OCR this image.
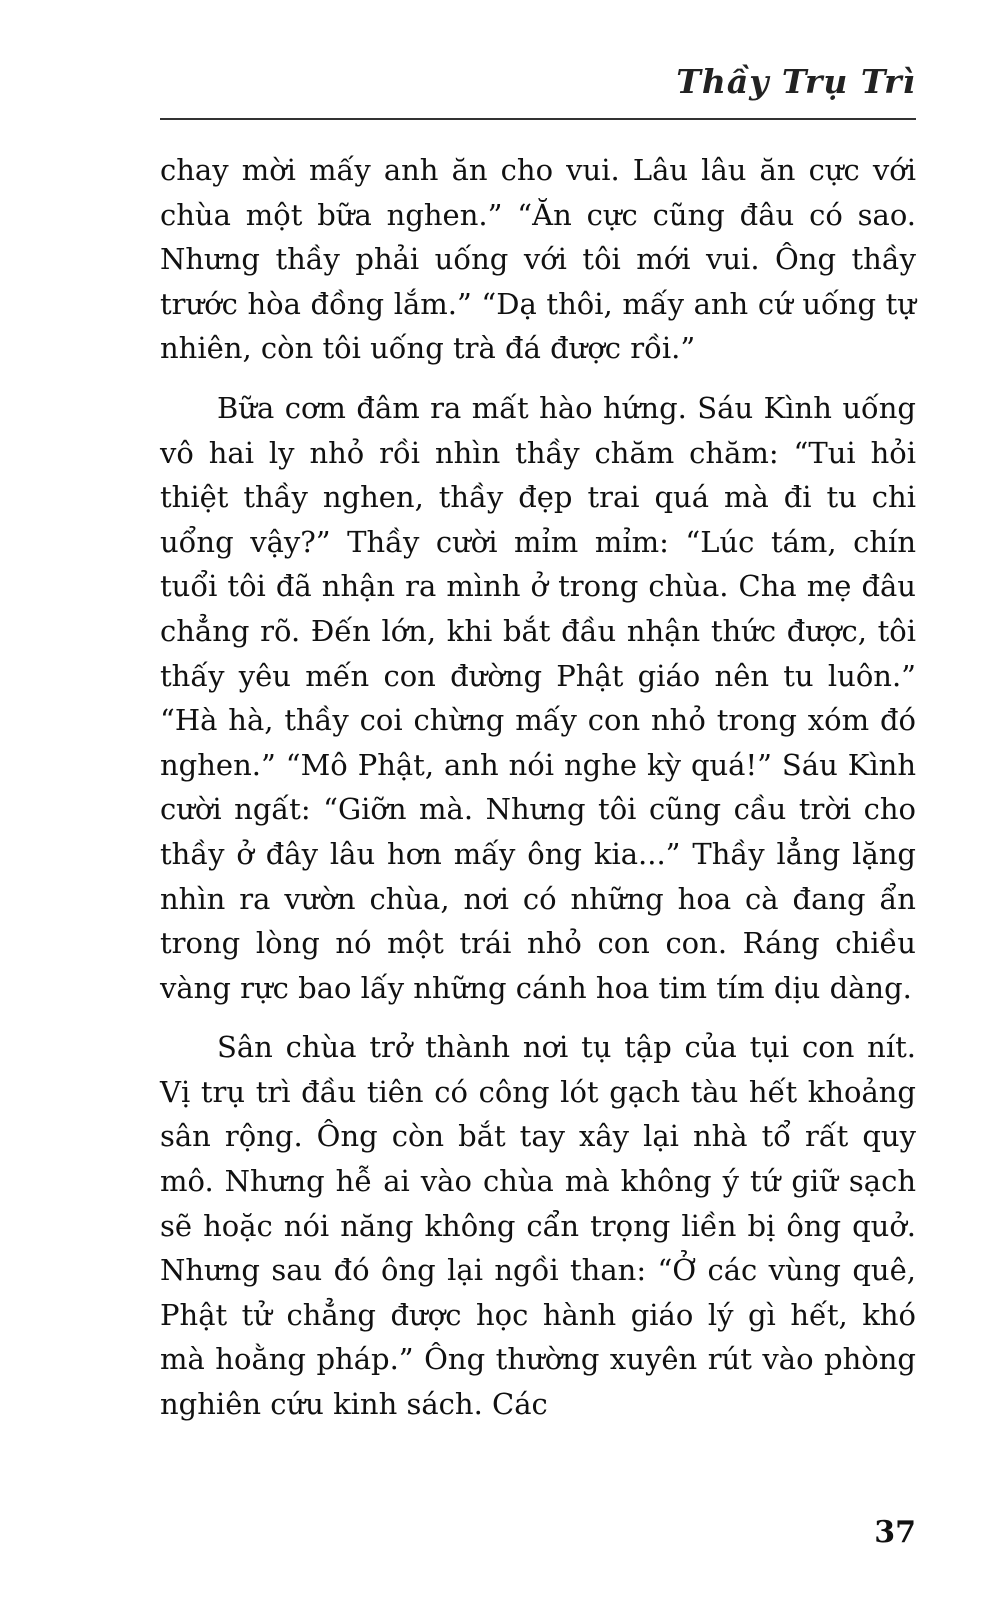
Thầy Trụ Trì

chay mời mấy anh ăn cho vui. Lâu lâu ăn cực với chùa một bữa nghen.” “Ăn cực cũng đâu có sao. Nhưng thầy phải uống với tôi mới vui. Ông thầy trước hòa đồng lắm.” “Dạ thôi, mấy anh cứ uống tự nhiên, còn tôi uống trà đá được rồi.”

Bữa cơm đâm ra mất hào hứng. Sáu Kình uống vô hai ly nhỏ rồi nhìn thầy chăm chăm: “Tui hỏi thiệt thầy nghen, thầy đẹp trai quá mà đi tu chi uổng vậy?” Thầy cười mỉm mỉm: “Lúc tám, chín tuổi tôi đã nhận ra mình ở trong chùa. Cha mẹ đâu chẳng rõ. Đến lớn, khi bắt đầu nhận thức được, tôi thấy yêu mến con đường Phật giáo nên tu luôn.” “Hà hà, thầy coi chừng mấy con nhỏ trong xóm đó nghen.” “Mô Phật, anh nói nghe kỳ quá!” Sáu Kình cười ngất: “Giỡn mà. Nhưng tôi cũng cầu trời cho thầy ở đây lâu hơn mấy ông kia...” Thầy lẳng lặng nhìn ra vườn chùa, nơi có những hoa cà đang ẩn trong lòng nó một trái nhỏ con con. Ráng chiều vàng rực bao lấy những cánh hoa tim tím dịu dàng.

Sân chùa trở thành nơi tụ tập của tụi con nít. Vị trụ trì đầu tiên có công lót gạch tàu hết khoảng sân rộng. Ông còn bắt tay xây lại nhà tổ rất quy mô. Nhưng hễ ai vào chùa mà không ý tứ giữ sạch sẽ hoặc nói năng không cẩn trọng liền bị ông quở. Nhưng sau đó ông lại ngồi than: “Ở các vùng quê, Phật tử chẳng được học hành giáo lý gì hết, khó mà hoằng pháp.” Ông thường xuyên rút vào phòng nghiên cứu kinh sách. Các

37
